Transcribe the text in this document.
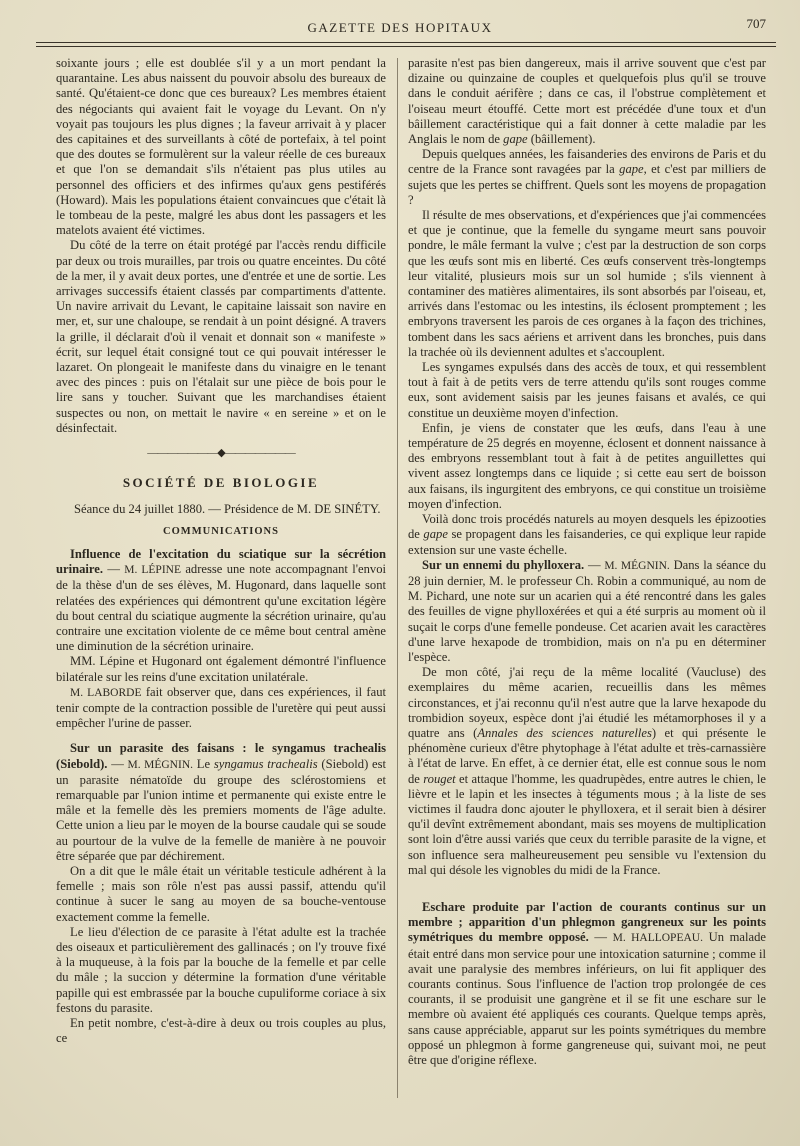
GAZETTE DES HOPITAUX	707

soixante jours ; elle est doublée s'il y a un mort pendant la quarantaine. Les abus naissent du pouvoir absolu des bureaux de santé. Qu'étaient-ce donc que ces bureaux? Les membres étaient des négociants qui avaient fait le voyage du Levant. On n'y voyait pas toujours les plus dignes ; la faveur arrivait à y placer des capitaines et des surveillants à côté de portefaix, à tel point que des doutes se formulèrent sur la valeur réelle de ces bureaux et que l'on se demandait s'ils n'étaient pas plus utiles au personnel des officiers et des infirmes qu'aux gens pestiférés (Howard). Mais les populations étaient convaincues que c'était là le tombeau de la peste, malgré les abus dont les passagers et les matelots avaient été victimes.

Du côté de la terre on était protégé par l'accès rendu difficile par deux ou trois murailles, par trois ou quatre enceintes. Du côté de la mer, il y avait deux portes, une d'entrée et une de sortie. Les arrivages successifs étaient classés par compartiments d'attente. Un navire arrivait du Levant, le capitaine laissait son navire en mer, et, sur une chaloupe, se rendait à un point désigné. A travers la grille, il déclarait d'où il venait et donnait son « manifeste » écrit, sur lequel était consigné tout ce qui pouvait intéresser le lazaret. On plongeait le manifeste dans du vinaigre en le tenant avec des pinces : puis on l'étalait sur une pièce de bois pour le lire sans y toucher. Suivant que les marchandises étaient suspectes ou non, on mettait le navire « en sereine » et on le désinfectait.

———————◆———————
SOCIÉTÉ DE BIOLOGIE

Séance du 24 juillet 1880. — Présidence de M. DE SINÉTY.

COMMUNICATIONS

Influence de l'excitation du sciatique sur la sécrétion urinaire. — M. LÉPINE adresse une note accompagnant l'envoi de la thèse d'un de ses élèves, M. Hugonard, dans laquelle sont relatées des expériences qui démontrent qu'une excitation légère du bout central du sciatique augmente la sécrétion urinaire, qu'au contraire une excitation violente de ce même bout central amène une diminution de la sécrétion urinaire.

MM. Lépine et Hugonard ont également démontré l'influence bilatérale sur les reins d'une excitation unilatérale.

M. LABORDE fait observer que, dans ces expériences, il faut tenir compte de la contraction possible de l'uretère qui peut aussi empêcher l'urine de passer.

Sur un parasite des faisans : le syngamus trachealis (Siebold). — M. MÉGNIN. Le syngamus trachealis (Siebold) est un parasite nématoïde du groupe des sclérostomiens et remarquable par l'union intime et permanente qui existe entre le mâle et la femelle dès les premiers moments de l'âge adulte. Cette union a lieu par le moyen de la bourse caudale qui se soude au pourtour de la vulve de la femelle de manière à ne pouvoir être séparée que par déchirement.

On a dit que le mâle était un véritable testicule adhérent à la femelle ; mais son rôle n'est pas aussi passif, attendu qu'il continue à sucer le sang au moyen de sa bouche-ventouse exactement comme la femelle.

Le lieu d'élection de ce parasite à l'état adulte est la trachée des oiseaux et particulièrement des gallinacés ; on l'y trouve fixé à la muqueuse, à la fois par la bouche de la femelle et par celle du mâle ; la succion y détermine la formation d'une véritable papille qui est embrassée par la bouche cupuliforme coriace à six festons du parasite.

En petit nombre, c'est-à-dire à deux ou trois couples au plus, ce

parasite n'est pas bien dangereux, mais il arrive souvent que c'est par dizaine ou quinzaine de couples et quelquefois plus qu'il se trouve dans le conduit aérifère ; dans ce cas, il l'obstrue complètement et l'oiseau meurt étouffé. Cette mort est précédée d'une toux et d'un bâillement caractéristique qui a fait donner à cette maladie par les Anglais le nom de gape (bâillement).

Depuis quelques années, les faisanderies des environs de Paris et du centre de la France sont ravagées par la gape, et c'est par milliers de sujets que les pertes se chiffrent. Quels sont les moyens de propagation ?

Il résulte de mes observations, et d'expériences que j'ai commencées et que je continue, que la femelle du syngame meurt sans pouvoir pondre, le mâle fermant la vulve ; c'est par la destruction de son corps que les œufs sont mis en liberté. Ces œufs conservent très-longtemps leur vitalité, plusieurs mois sur un sol humide ; s'ils viennent à contaminer des matières alimentaires, ils sont absorbés par l'oiseau, et, arrivés dans l'estomac ou les intestins, ils éclosent promptement ; les embryons traversent les parois de ces organes à la façon des trichines, tombent dans les sacs aériens et arrivent dans les bronches, puis dans la trachée où ils deviennent adultes et s'accouplent.

Les syngames expulsés dans des accès de toux, et qui ressemblent tout à fait à de petits vers de terre attendu qu'ils sont rouges comme eux, sont avidement saisis par les jeunes faisans et avalés, ce qui constitue un deuxième moyen d'infection.

Enfin, je viens de constater que les œufs, dans l'eau à une température de 25 degrés en moyenne, éclosent et donnent naissance à des embryons ressemblant tout à fait à de petites anguillettes qui vivent assez longtemps dans ce liquide ; si cette eau sert de boisson aux faisans, ils ingurgitent des embryons, ce qui constitue un troisième moyen d'infection.

Voilà donc trois procédés naturels au moyen desquels les épizooties de gape se propagent dans les faisanderies, ce qui explique leur rapide extension sur une vaste échelle.

Sur un ennemi du phylloxera. — M. MÉGNIN. Dans la séance du 28 juin dernier, M. le professeur Ch. Robin a communiqué, au nom de M. Pichard, une note sur un acarien qui a été rencontré dans les gales des feuilles de vigne phylloxérées et qui a été surpris au moment où il suçait le corps d'une femelle pondeuse. Cet acarien avait les caractères d'une larve hexapode de trombidion, mais on n'a pu en déterminer l'espèce.

De mon côté, j'ai reçu de la même localité (Vaucluse) des exemplaires du même acarien, recueillis dans les mêmes circonstances, et j'ai reconnu qu'il n'est autre que la larve hexapode du trombidion soyeux, espèce dont j'ai étudié les métamorphoses il y a quatre ans (Annales des sciences naturelles) et qui présente le phénomène curieux d'être phytophage à l'état adulte et très-carnassière à l'état de larve. En effet, à ce dernier état, elle est connue sous le nom de rouget et attaque l'homme, les quadrupèdes, entre autres le chien, le lièvre et le lapin et les insectes à téguments mous ; à la liste de ses victimes il faudra donc ajouter le phylloxera, et il serait bien à désirer qu'il devînt extrêmement abondant, mais ses moyens de multiplication sont loin d'être aussi variés que ceux du terrible parasite de la vigne, et son influence sera malheureusement peu sensible vu l'extension du mal qui désole les vignobles du midi de la France.

Eschare produite par l'action de courants continus sur un membre ; apparition d'un phlegmon gangreneux sur les points symétriques du membre opposé. — M. HALLOPEAU. Un malade était entré dans mon service pour une intoxication saturnine ; comme il avait une paralysie des membres inférieurs, on lui fit appliquer des courants continus. Sous l'influence de l'action trop prolongée de ces courants, il se produisit une gangrène et il se fit une eschare sur le membre où avaient été appliqués ces courants. Quelque temps après, sans cause appréciable, apparut sur les points symétriques du membre opposé un phlegmon à forme gangreneuse qui, suivant moi, ne peut être que d'origine réflexe.
